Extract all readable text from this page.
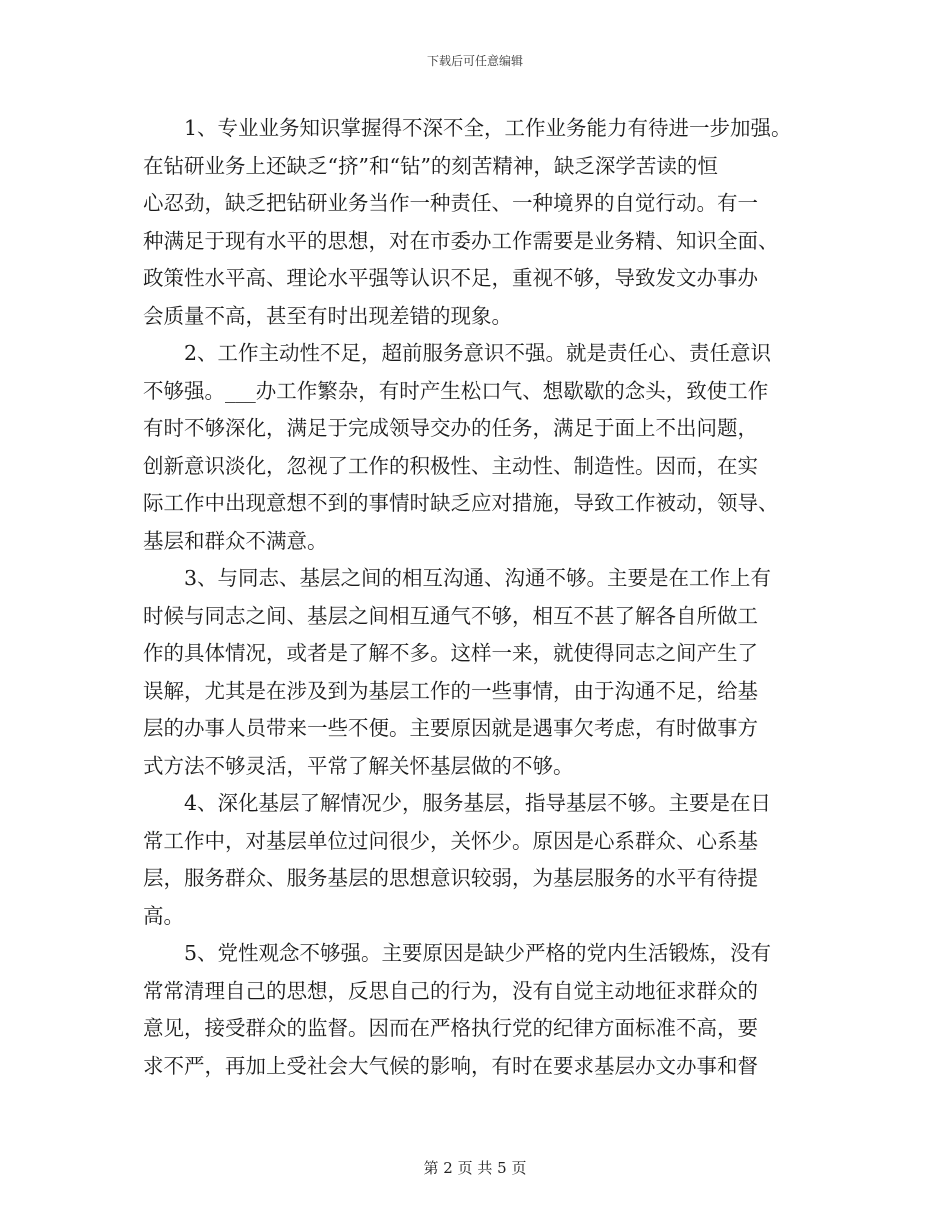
下载后可任意编辑

1、专业业务知识掌握得不深不全，工作业务能力有待进一步加强。
在钻研业务上还缺乏“挤”和“钻”的刻苦精神，缺乏深学苦读的恒
心忍劲，缺乏把钻研业务当作一种责任、一种境界的自觉行动。有一
种满足于现有水平的思想，对在市委办工作需要是业务精、知识全面、
政策性水平高、理论水平强等认识不足，重视不够，导致发文办事办
会质量不高，甚至有时出现差错的现象。

2、工作主动性不足，超前服务意识不强。就是责任心、责任意识
不够强。___办工作繁杂，有时产生松口气、想歇歇的念头，致使工作
有时不够深化，满足于完成领导交办的任务，满足于面上不出问题，
创新意识淡化，忽视了工作的积极性、主动性、制造性。因而，在实
际工作中出现意想不到的事情时缺乏应对措施，导致工作被动，领导、
基层和群众不满意。

3、与同志、基层之间的相互沟通、沟通不够。主要是在工作上有
时候与同志之间、基层之间相互通气不够，相互不甚了解各自所做工
作的具体情况，或者是了解不多。这样一来，就使得同志之间产生了
误解，尤其是在涉及到为基层工作的一些事情，由于沟通不足，给基
层的办事人员带来一些不便。主要原因就是遇事欠考虑，有时做事方
式方法不够灵活，平常了解关怀基层做的不够。

4、深化基层了解情况少，服务基层，指导基层不够。主要是在日
常工作中，对基层单位过问很少，关怀少。原因是心系群众、心系基
层，服务群众、服务基层的思想意识较弱，为基层服务的水平有待提
高。

5、党性观念不够强。主要原因是缺少严格的党内生活锻炼，没有
常常清理自己的思想，反思自己的行为，没有自觉主动地征求群众的
意见，接受群众的监督。因而在严格执行党的纪律方面标准不高，要
求不严，再加上受社会大气候的影响，有时在要求基层办文办事和督

第 2 页 共 5 页
